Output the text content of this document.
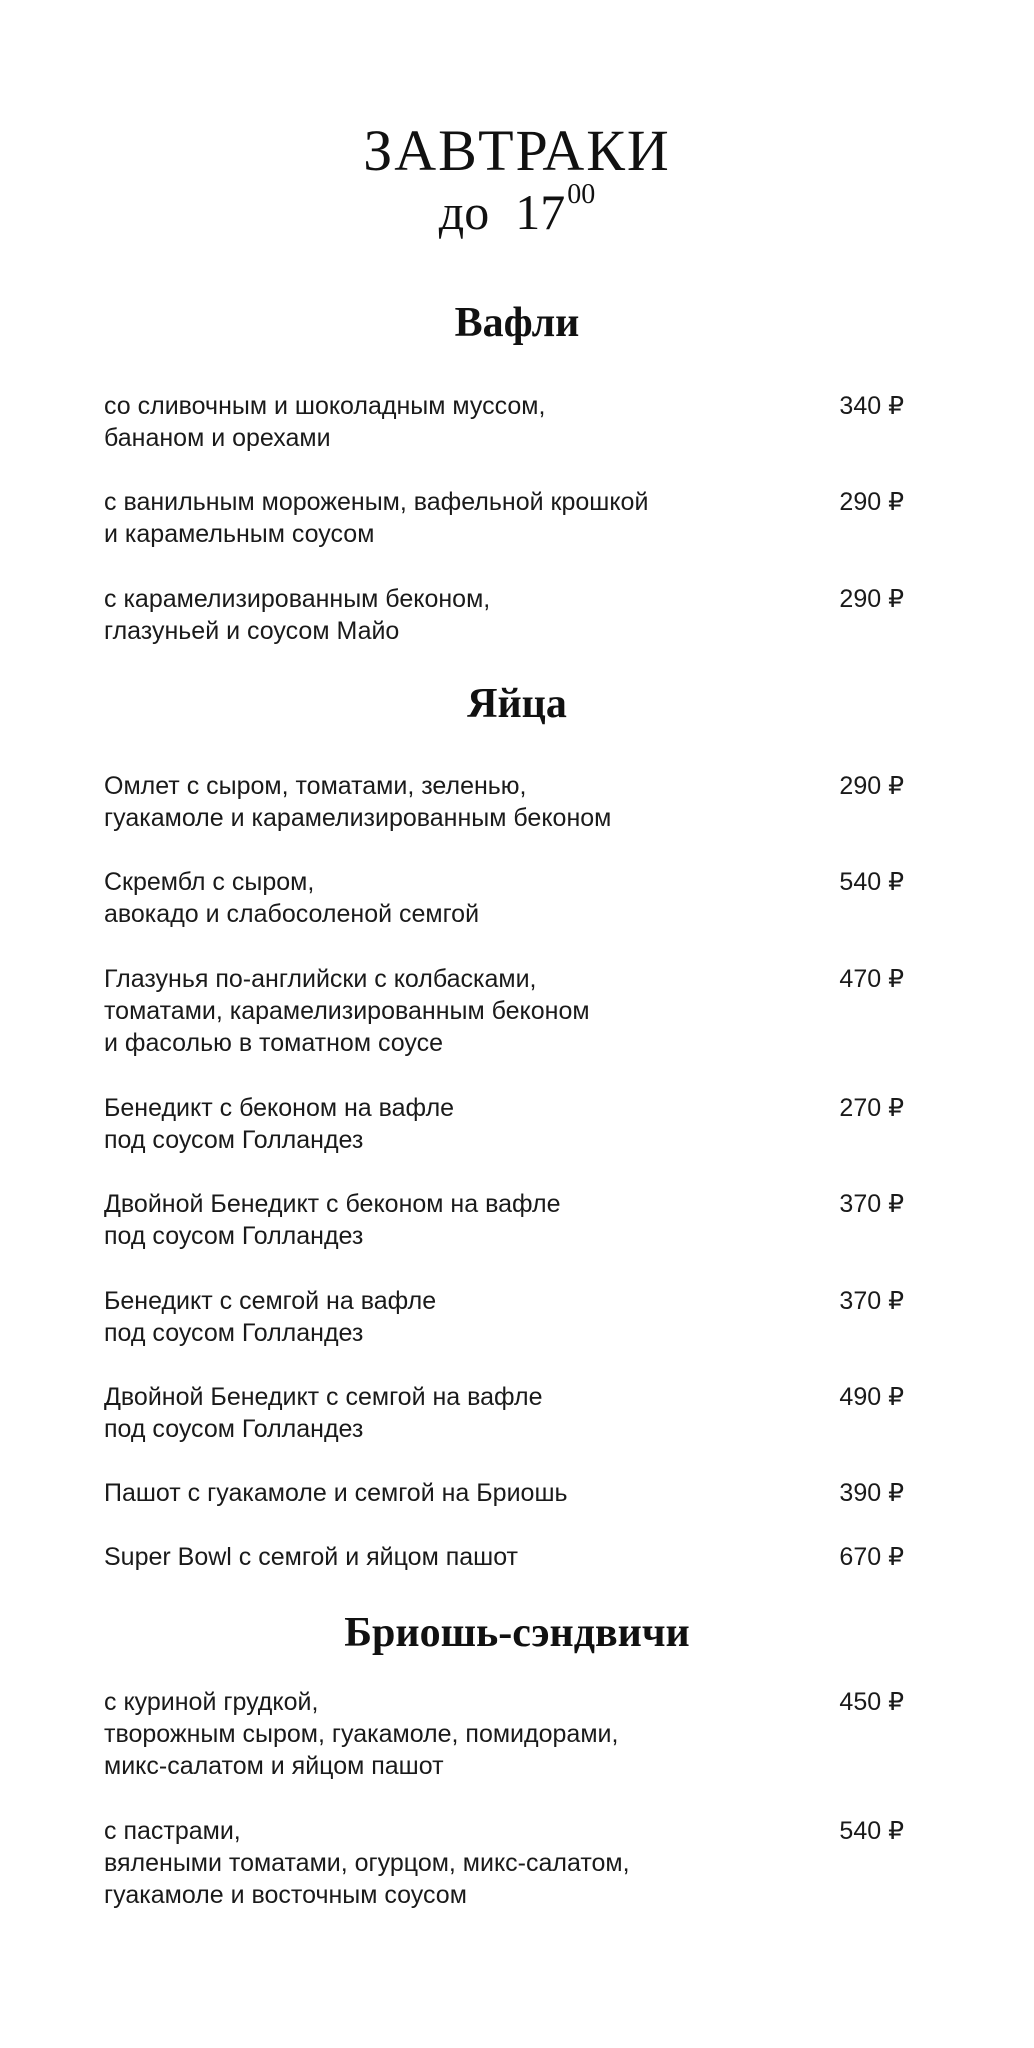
ЗАВТРАКИ
до $17^{00}$
Вафли
со сливочным и шоколадным муссом,
бананом и орехами
340 ₽
с ванильным мороженым, вафельной крошкой
и карамельным соусом
290 ₽
с карамелизированным беконом,
глазуньей и соусом Майо
290 ₽
Яйца
Омлет с сыром, томатами, зеленью,
гуакамоле и карамелизированным беконом
290 ₽
Скрембл с сыром,
авокадо и слабосоленой семгой
540 ₽
Глазунья по-английски с колбасками,
томатами, карамелизированным беконом
и фасолью в томатном соусе
470 ₽
Бенедикт с беконом на вафле
под соусом Голландез
270 ₽
Двойной Бенедикт с беконом на вафле
под соусом Голландез
370 ₽
Бенедикт с семгой на вафле
под соусом Голландез
370 ₽
Двойной Бенедикт с семгой на вафле
под соусом Голландез
490 ₽
Пашот с гуакамоле и семгой на Бриошь	390 ₽
Super Bowl с семгой и яйцом пашот	670 ₽
Бриошь-сэндвичи
с куриной грудкой,
творожным сыром, гуакамоле, помидорами,
микс-салатом и яйцом пашот
450 ₽
с пастрами,
вялеными томатами, огурцом, микс-салатом,
гуакамоле и восточным соусом
540 ₽
